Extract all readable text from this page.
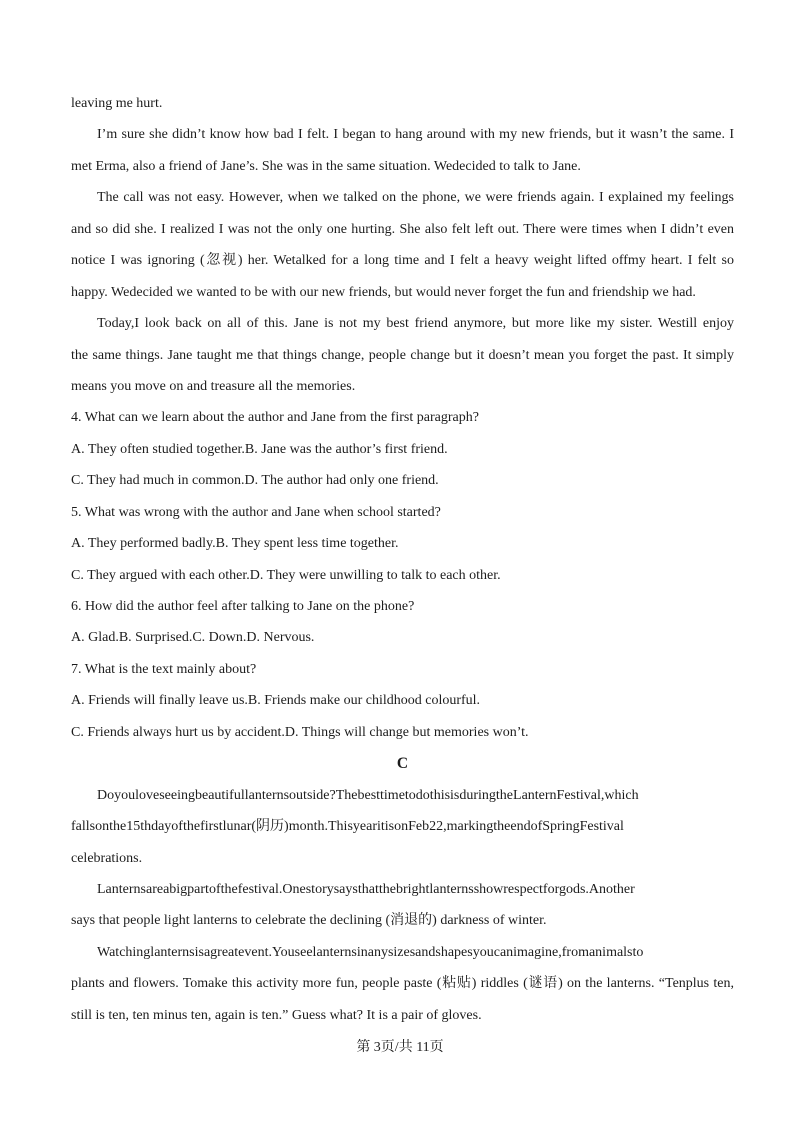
leaving me hurt.
I’m sure she didn’t know how bad I felt. I began to hang around with my new friends, but it wasn’t the same. I
met Erma, also a friend of Jane’s. She was in the same situation. Wedecided to talk to Jane.
The call was not easy. However, when we talked on the phone, we were friends again. I explained my feelings
and so did she. I realized I was not the only one hurting. She also felt left out. There were times when I didn’t even
notice I was ignoring (忽视) her. Wetalked for a long time and I felt a heavy weight lifted offmy heart. I felt so
happy. Wedecided we wanted to be with our new friends, but would never forget the fun and friendship we had.
Today,I look back on all of this. Jane is not my best friend anymore, but more like my sister. Westill enjoy
the same things. Jane taught me that things change, people change but it doesn’t mean you forget the past. It simply
means you move on and treasure all the memories.
4. What can we learn about the author and Jane from the first paragraph?
A. They often studied together.B. Jane was the author’s first friend.
C. They had much in common.D. The author had only one friend.
5. What was wrong with the author and Jane when school started?
A. They performed badly.B. They spent less time together.
C. They argued with each other.D. They were unwilling to talk to each other.
6. How did the author feel after talking to Jane on the phone?
A. Glad.B. Surprised.C. Down.D. Nervous.
7. What is the text mainly about?
A. Friends will finally leave us.B. Friends make our childhood colourful.
C. Friends always hurt us by accident.D. Things will change but memories won’t.
C
Doyouloveseeingbeautifullanternsoutside?ThebesttimetodothisisduringtheLanternFestival,which
fallsonthe15thdayofthefirstlunar(阴历)month.ThisyearitisonFeb22,markingtheendofSpringFestival
celebrations.
Lanternsareabigpartofthefestival.Onestorysaysthatthebrightlanternsshowrespectforgods.Another
says that people light lanterns to celebrate the declining (消退的) darkness of winter.
Watchinglanternsisagreatevent.Youseelanternsinanysizesandshapesyoucanimagine,fromanimalsto
plants and flowers. Tomake this activity more fun, people paste (粘贴) riddles (谜语) on the lanterns. “Tenplus ten,
still is ten, ten minus ten, again is ten.” Guess what? It is a pair of gloves.
第 3页/共 11页
